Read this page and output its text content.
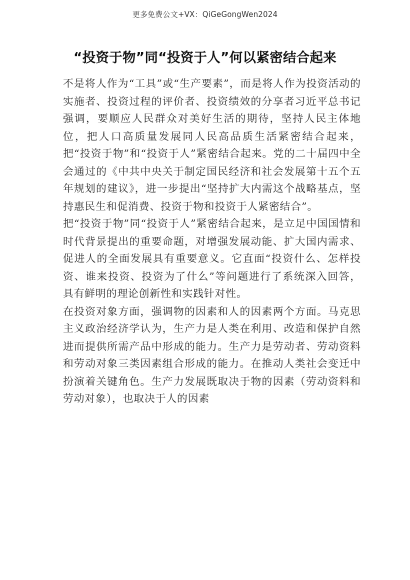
更多免费公文+VX：QiGeGongWen2024
“投资于物”同“投资于人”何以紧密结合起来

不是将人作为“工具”或“生产要素”，而是将人作为投资活动的实施者、投资过程的评价者、投资绩效的分享者习近平总书记强调，要顺应人民群众对美好生活的期待，坚持人民主体地位，把人口高质量发展同人民高品质生活紧密结合起来，把“投资于物”和“投资于人”紧密结合起来。党的二十届四中全会通过的《中共中央关于制定国民经济和社会发展第十五个五年规划的建议》，进一步提出“坚持扩大内需这个战略基点，坚持惠民生和促消费、投资于物和投资于人紧密结合”。

把“投资于物”同“投资于人”紧密结合起来，是立足中国国情和时代背景提出的重要命题，对增强发展动能、扩大国内需求、促进人的全面发展具有重要意义。它直面“投资什么、怎样投资、谁来投资、投资为了什么”等问题进行了系统深入回答，具有鲜明的理论创新性和实践针对性。

在投资对象方面，强调物的因素和人的因素两个方面。马克思主义政治经济学认为，生产力是人类在利用、改造和保护自然进而提供所需产品中形成的能力。生产力是劳动者、劳动资料和劳动对象三类因素组合形成的能力。在推动人类社会变迁中扮演着关键角色。生产力发展既取决于物的因素（劳动资料和劳动对象），也取决于人的因素
